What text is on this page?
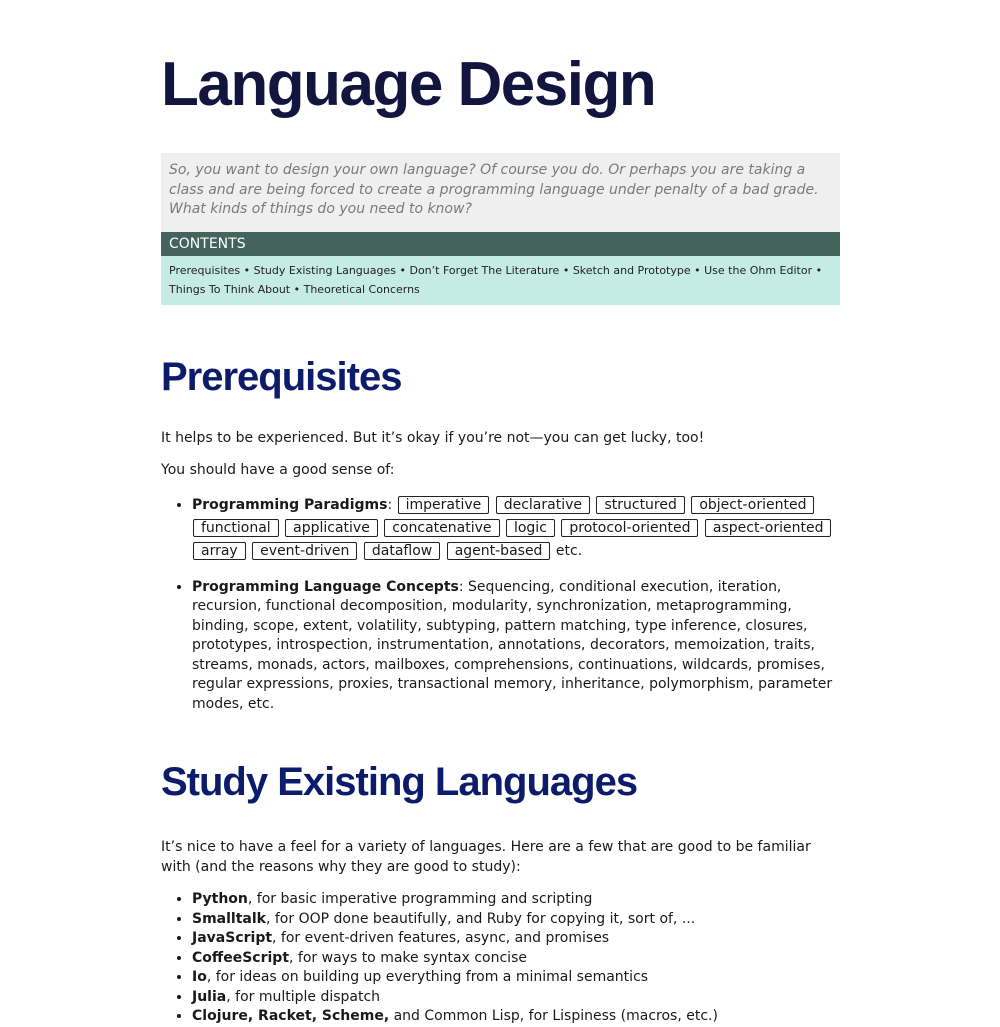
Language Design
So, you want to design your own language? Of course you do. Or perhaps you are taking a class and are being forced to create a programming language under penalty of a bad grade. What kinds of things do you need to know?
CONTENTS
Prerequisites • Study Existing Languages • Don’t Forget The Literature • Sketch and Prototype • Use the Ohm Editor • Things To Think About • Theoretical Concerns
Prerequisites

It helps to be experienced. But it’s okay if you’re not—you can get lucky, too!

You should have a good sense of:

• Programming Paradigms: imperative declarative structured object-oriented functional applicative concatenative logic protocol-oriented aspect-oriented array event-driven dataflow agent-based etc.
• Programming Language Concepts: Sequencing, conditional execution, iteration, recursion, functional decomposition, modularity, synchronization, metaprogramming, binding, scope, extent, volatility, subtyping, pattern matching, type inference, closures, prototypes, introspection, instrumentation, annotations, decorators, memoization, traits, streams, monads, actors, mailboxes, comprehensions, continuations, wildcards, promises, regular expressions, proxies, transactional memory, inheritance, polymorphism, parameter modes, etc.
Study Existing Languages

It’s nice to have a feel for a variety of languages. Here are a few that are good to be familiar with (and the reasons why they are good to study):

• Python, for basic imperative programming and scripting
• Smalltalk, for OOP done beautifully, and Ruby for copying it, sort of, ...
• JavaScript, for event-driven features, async, and promises
• CoffeeScript, for ways to make syntax concise
• Io, for ideas on building up everything from a minimal semantics
• Julia, for multiple dispatch
• Clojure, Racket, Scheme, and Common Lisp, for Lispiness (macros, etc.)
